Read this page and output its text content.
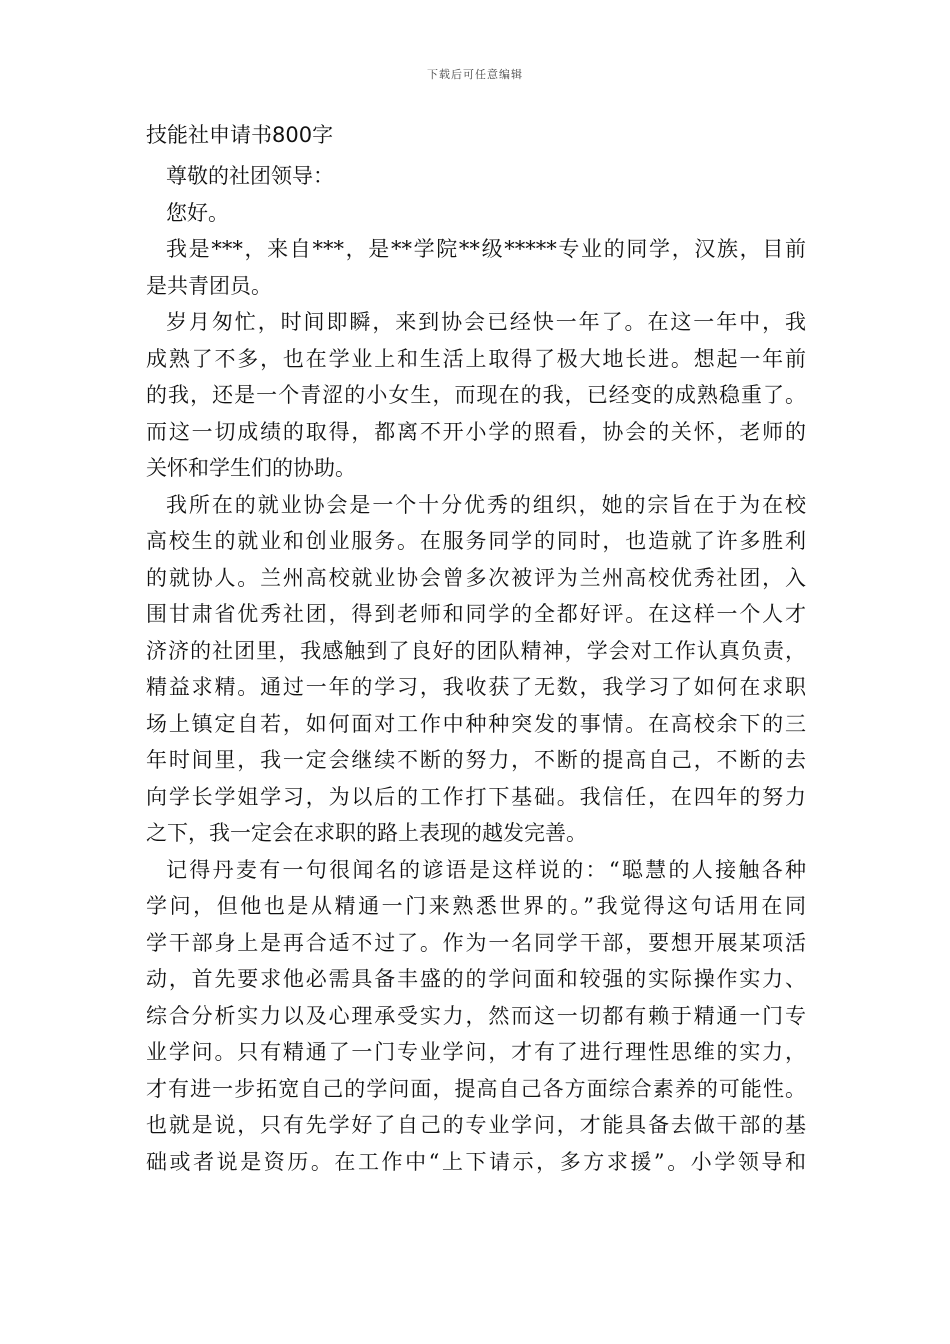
下载后可任意编辑
技能社申请书800字
尊敬的社团领导：
您好。
我是***，来自***，是**学院**级*****专业的同学，汉族，目前
是共青团员。
岁月匆忙，时间即瞬，来到协会已经快一年了。在这一年中，我
成熟了不多，也在学业上和生活上取得了极大地长进。想起一年前
的我，还是一个青涩的小女生，而现在的我，已经变的成熟稳重了。
而这一切成绩的取得，都离不开小学的照看，协会的关怀，老师的
关怀和学生们的协助。
我所在的就业协会是一个十分优秀的组织，她的宗旨在于为在校
高校生的就业和创业服务。在服务同学的同时，也造就了许多胜利
的就协人。兰州高校就业协会曾多次被评为兰州高校优秀社团，入
围甘肃省优秀社团，得到老师和同学的全都好评。在这样一个人才
济济的社团里，我感触到了良好的团队精神，学会对工作认真负责，
精益求精。通过一年的学习，我收获了无数，我学习了如何在求职
场上镇定自若，如何面对工作中种种突发的事情。在高校余下的三
年时间里，我一定会继续不断的努力，不断的提高自己，不断的去
向学长学姐学习，为以后的工作打下基础。我信任，在四年的努力
之下，我一定会在求职的路上表现的越发完善。
记得丹麦有一句很闻名的谚语是这样说的：“聪慧的人接触各种
学问，但他也是从精通一门来熟悉世界的。”我觉得这句话用在同
学干部身上是再合适不过了。作为一名同学干部，要想开展某项活
动，首先要求他必需具备丰盛的的学问面和较强的实际操作实力、
综合分析实力以及心理承受实力，然而这一切都有赖于精通一门专
业学问。只有精通了一门专业学问，才有了进行理性思维的实力，
才有进一步拓宽自己的学问面，提高自己各方面综合素养的可能性。
也就是说，只有先学好了自己的专业学问，才能具备去做干部的基
础或者说是资历。在工作中“上下请示，多方求援”。小学领导和
